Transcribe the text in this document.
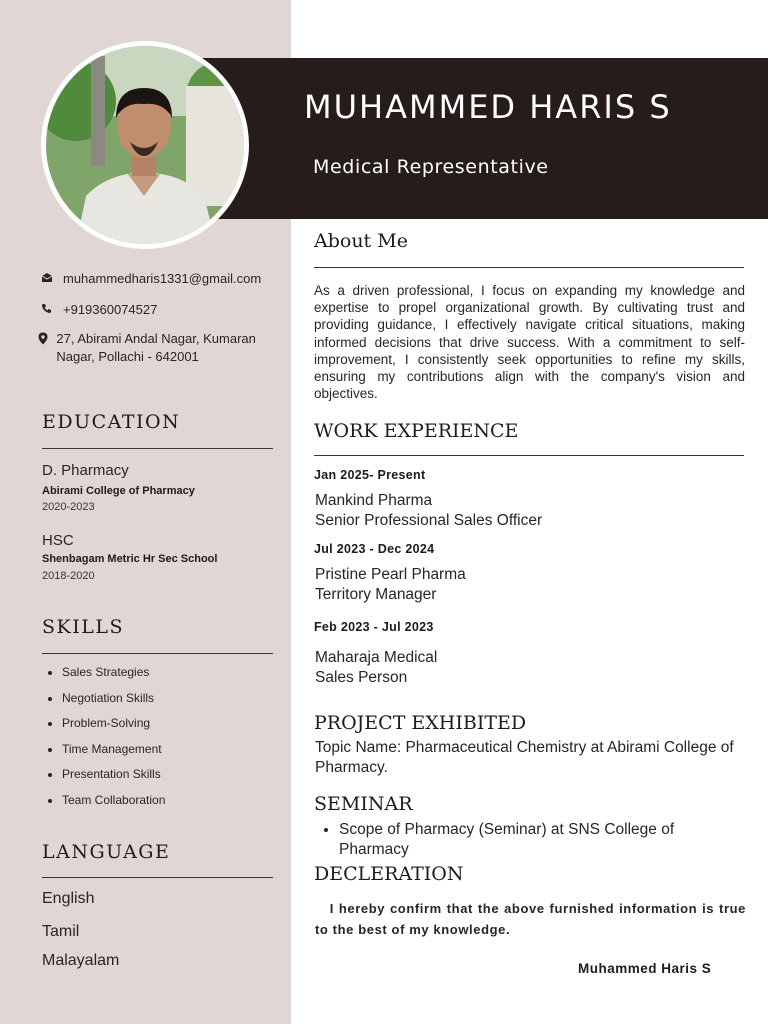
MUHAMMED HARIS S
Medical Representative
muhammedharis1331@gmail.com
+919360074527
27, Abirami Andal Nagar, Kumaran Nagar, Pollachi - 642001
EDUCATION
D. Pharmacy
Abirami College of Pharmacy
2020-2023
HSC
Shenbagam Metric Hr Sec School
2018-2020
SKILLS
• Sales Strategies
• Negotiation Skills
• Problem-Solving
• Time Management
• Presentation Skills
• Team Collaboration
LANGUAGE
English
Tamil
Malayalam
About Me

As a driven professional, I focus on expanding my knowledge and expertise to propel organizational growth. By cultivating trust and providing guidance, I effectively navigate critical situations, making informed decisions that drive success. With a commitment to self-improvement, I consistently seek opportunities to refine my skills, ensuring my contributions align with the company's vision and objectives.

WORK EXPERIENCE
Jan 2025- Present
Mankind Pharma
Senior Professional Sales Officer
Jul 2023 - Dec 2024
Pristine Pearl Pharma
Territory Manager
Feb 2023 - Jul 2023
Maharaja Medical
Sales Person
PROJECT EXHIBITED

Topic Name: Pharmaceutical Chemistry at Abirami College of Pharmacy.

SEMINAR
• Scope of Pharmacy (Seminar) at SNS College of Pharmacy
DECLERATION

I hereby confirm that the above furnished information is true to the best of my knowledge.

Muhammed Haris S
